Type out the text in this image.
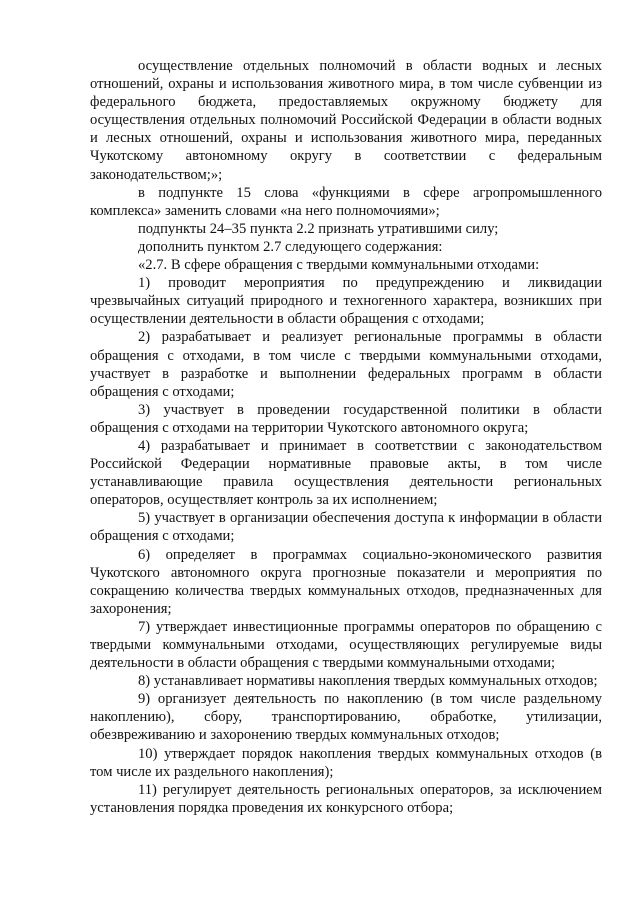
осуществление отдельных полномочий в области водных и лесных отношений, охраны и использования животного мира, в том числе субвенции из федерального бюджета, предоставляемых окружному бюджету для осуществления отдельных полномочий Российской Федерации в области водных и лесных отношений, охраны и использования животного мира, переданных Чукотскому автономному округу в соответствии с федеральным законодательством;»;

в подпункте 15 слова «функциями в сфере агропромышленного комплекса» заменить словами «на него полномочиями»;

подпункты 24–35 пункта 2.2 признать утратившими силу;

дополнить пунктом 2.7 следующего содержания:

«2.7. В сфере обращения с твердыми коммунальными отходами:

1) проводит мероприятия по предупреждению и ликвидации чрезвычайных ситуаций природного и техногенного характера, возникших при осуществлении деятельности в области обращения с отходами;

2) разрабатывает и реализует региональные программы в области обращения с отходами, в том числе с твердыми коммунальными отходами, участвует в разработке и выполнении федеральных программ в области обращения с отходами;

3) участвует в проведении государственной политики в области обращения с отходами на территории Чукотского автономного округа;

4) разрабатывает и принимает в соответствии с законодательством Российской Федерации нормативные правовые акты, в том числе устанавливающие правила осуществления деятельности региональных операторов, осуществляет контроль за их исполнением;

5) участвует в организации обеспечения доступа к информации в области обращения с отходами;

6) определяет в программах социально-экономического развития Чукотского автономного округа прогнозные показатели и мероприятия по сокращению количества твердых коммунальных отходов, предназначенных для захоронения;

7) утверждает инвестиционные программы операторов по обращению с твердыми коммунальными отходами, осуществляющих регулируемые виды деятельности в области обращения с твердыми коммунальными отходами;

8) устанавливает нормативы накопления твердых коммунальных отходов;

9) организует деятельность по накоплению (в том числе раздельному накоплению), сбору, транспортированию, обработке, утилизации, обезвреживанию и захоронению твердых коммунальных отходов;

10) утверждает порядок накопления твердых коммунальных отходов (в том числе их раздельного накопления);

11) регулирует деятельность региональных операторов, за исключением установления порядка проведения их конкурсного отбора;
